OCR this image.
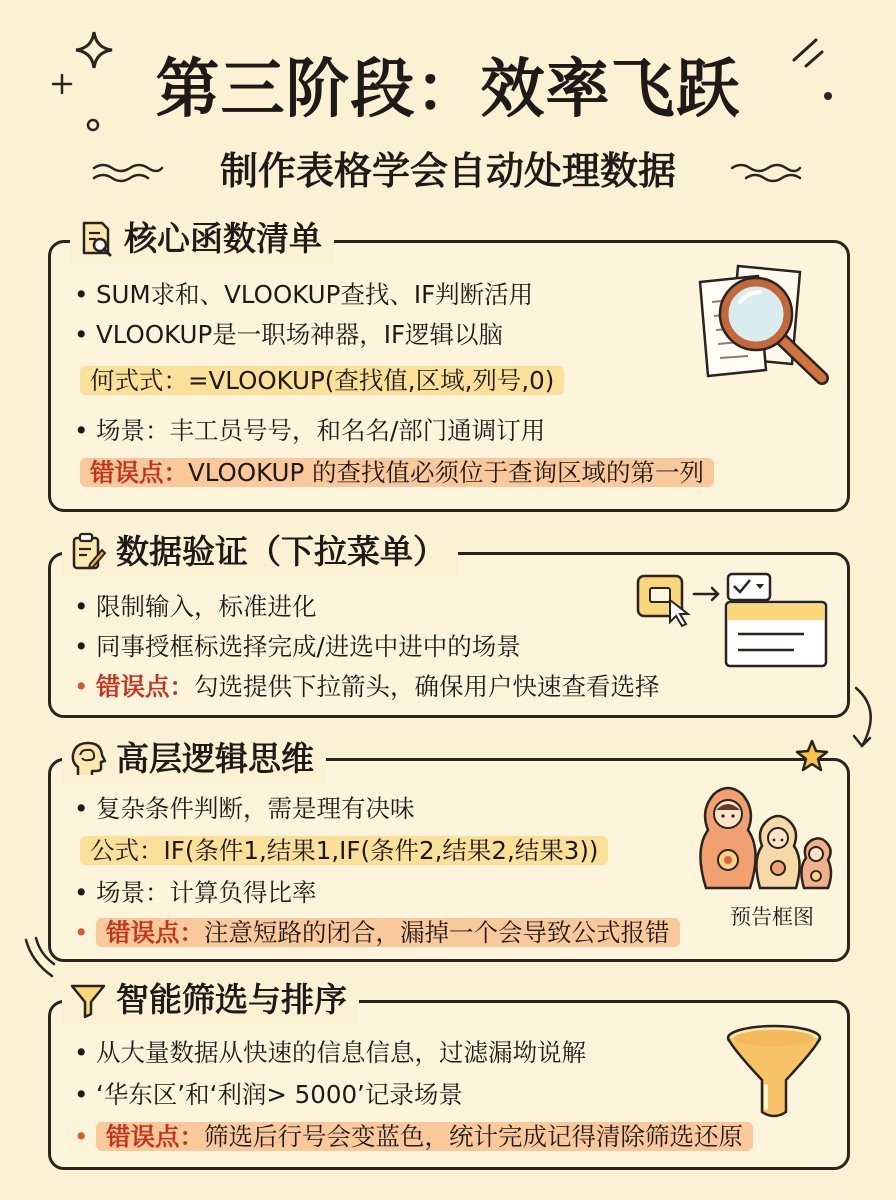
第三阶段：效率飞跃
制作表格学会自动处理数据
核心函数清单
• SUM求和、VLOOKUP查找、IF判断活用
• VLOOKUP是一职场神器，IF逻辑以脑
何式式：=VLOOKUP(查找值,区域,列号,0)
• 场景：丰工员号号，和名名/部门通调订用
错误点：VLOOKUP 的查找值必须位于查询区域的第一列
数据验证（下拉菜单）
• 限制输入，标准进化
• 同事授框标选择完成/进选中进中的场景
• 错误点：勾选提供下拉箭头，确保用户快速查看选择
高层逻辑思维
• 复杂条件判断，需是理有决味
公式：IF(条件1,结果1,IF(条件2,结果2,结果3))
• 场景：计算负得比率
• 错误点：注意短路的闭合，漏掉一个会导致公式报错
预告框图
智能筛选与排序
• 从大量数据从快速的信息信息，过滤漏坳说解
• ‘华东区’和‘利润> 5000’记录场景
• 错误点：筛选后行号会变蓝色，统计完成记得清除筛选还原
